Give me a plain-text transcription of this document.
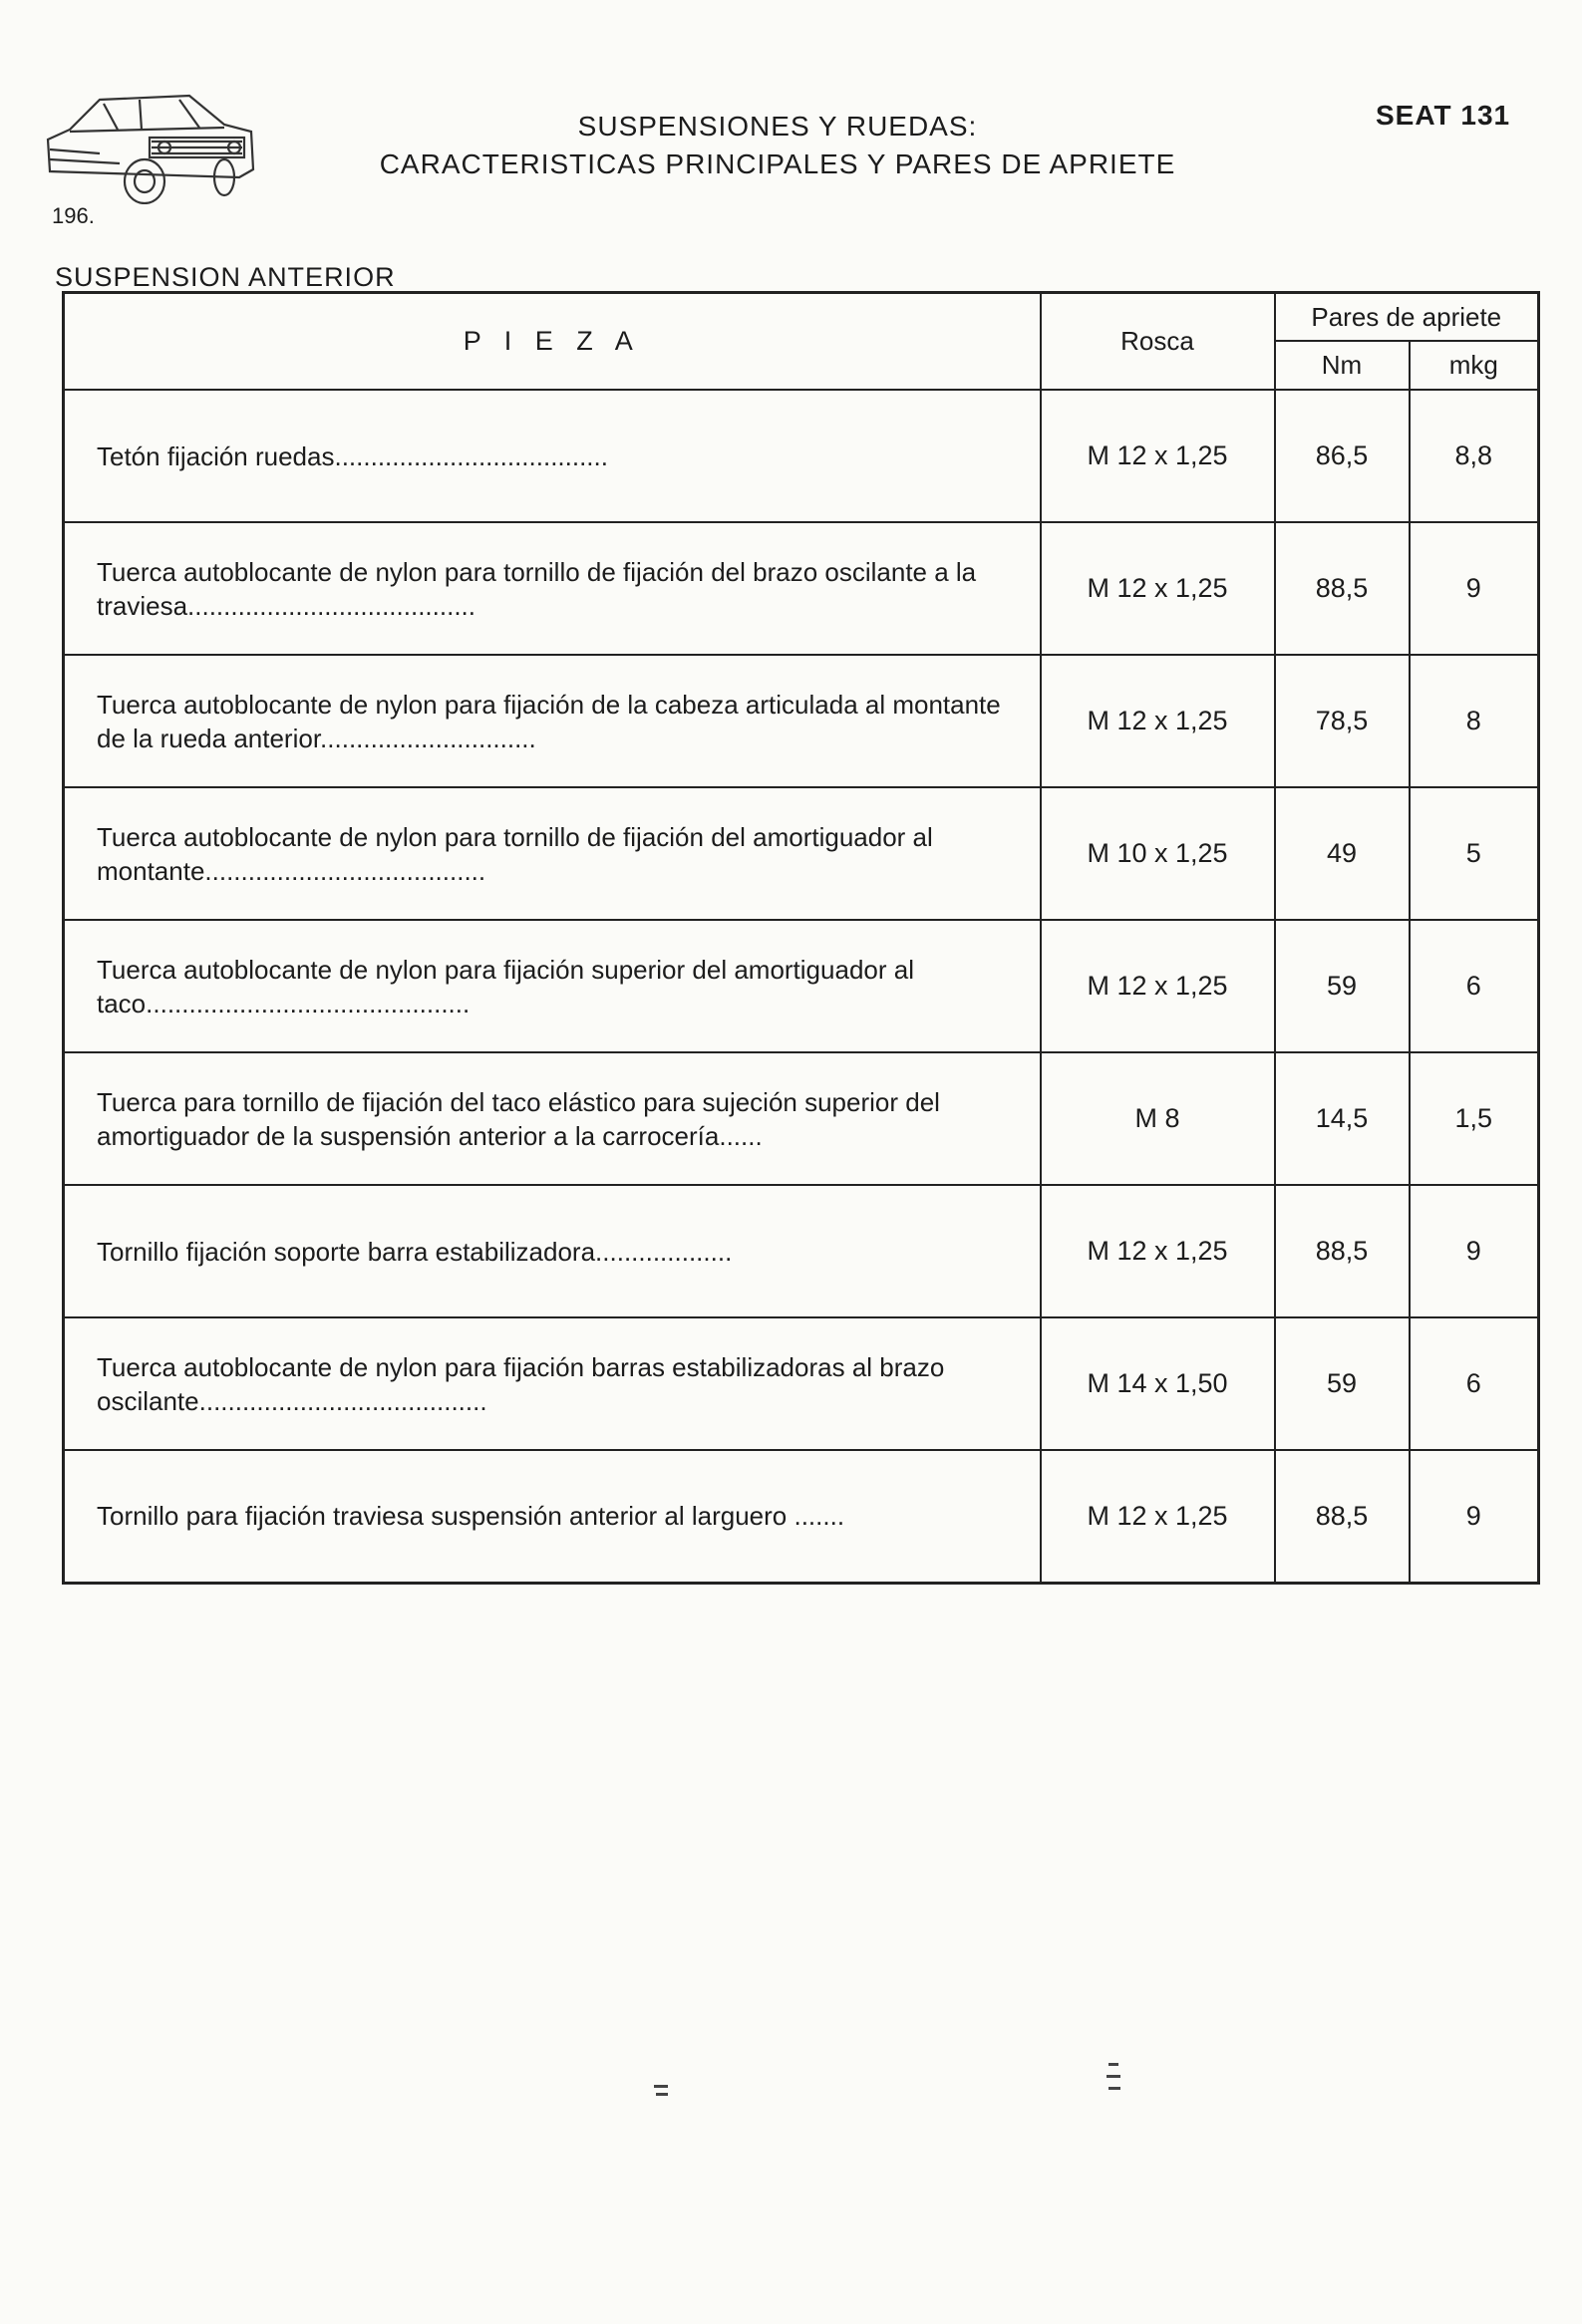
196.
SUSPENSIONES Y RUEDAS:
CARACTERISTICAS PRINCIPALES Y PARES DE APRIETE
SEAT 131
SUSPENSION ANTERIOR
P I E Z A	Rosca	Pares de apriete	
		Nm	mkg
Tetón fijación ruedas......................................	M 12 x 1,25	86,5	8,8
Tuerca autoblocante de nylon para tornillo de fijación del brazo oscilante a la traviesa........................................	M 12 x 1,25	88,5	9
Tuerca autoblocante de nylon para fijación de la cabeza articulada al montante de la rueda anterior..............................	M 12 x 1,25	78,5	8
Tuerca autoblocante de nylon para tornillo de fijación del amortiguador al montante.......................................	M 10 x 1,25	49	5
Tuerca autoblocante de nylon para fijación superior del amortiguador al taco.............................................	M 12 x 1,25	59	6
Tuerca para tornillo de fijación del taco elástico para sujeción superior del amortiguador de la suspensión anterior a la carrocería......	M 8	14,5	1,5
Tornillo fijación soporte barra estabilizadora...................	M 12 x 1,25	88,5	9
Tuerca autoblocante de nylon para fijación barras estabilizadoras al brazo oscilante........................................	M 14 x 1,50	59	6
Tornillo para fijación traviesa suspensión anterior al larguero .......	M 12 x 1,25	88,5	9
